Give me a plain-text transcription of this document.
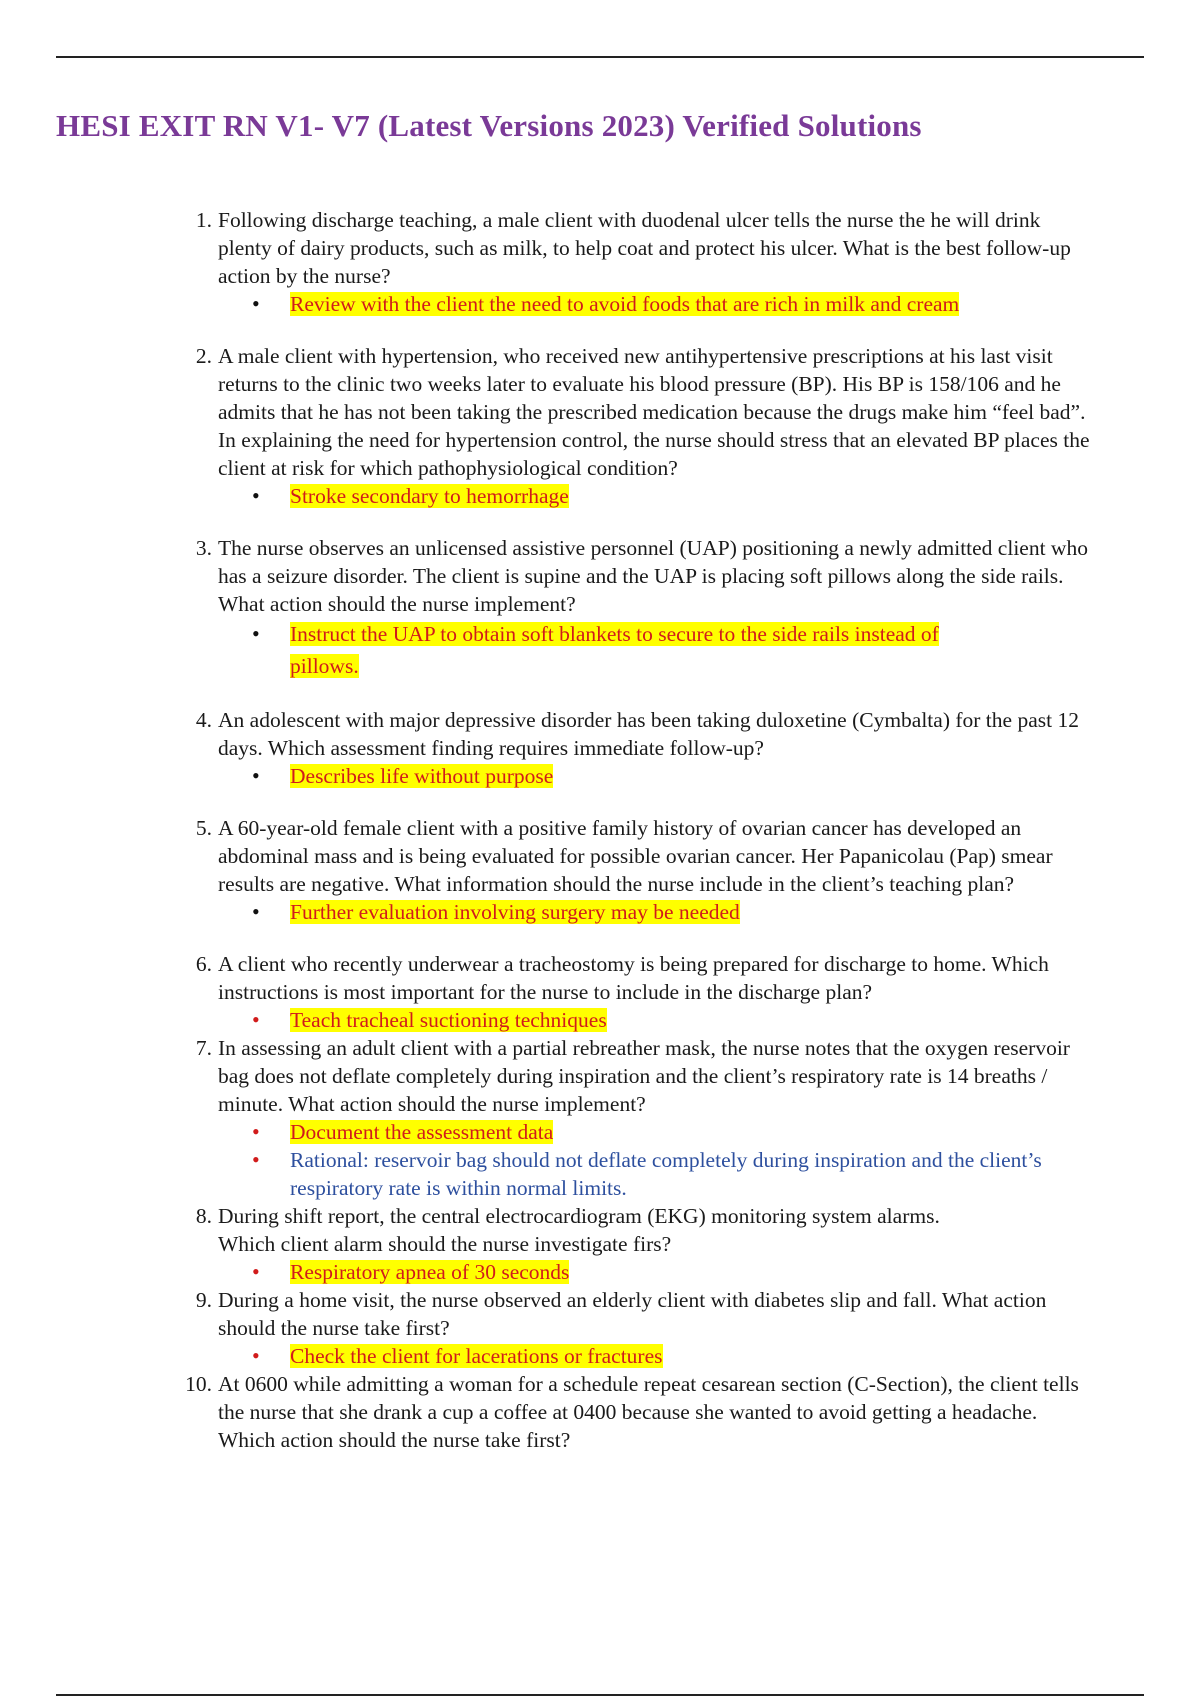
HESI EXIT RN V1- V7 (Latest Versions 2023) Verified Solutions
1. Following discharge teaching, a male client with duodenal ulcer tells the nurse the he will drink plenty of dairy products, such as milk, to help coat and protect his ulcer. What is the best follow-up action by the nurse?
• Review with the client the need to avoid foods that are rich in milk and cream
2. A male client with hypertension, who received new antihypertensive prescriptions at his last visit returns to the clinic two weeks later to evaluate his blood pressure (BP). His BP is 158/106 and he admits that he has not been taking the prescribed medication because the drugs make him “feel bad”. In explaining the need for hypertension control, the nurse should stress that an elevated BP places the client at risk for which pathophysiological condition?
• Stroke secondary to hemorrhage
3. The nurse observes an unlicensed assistive personnel (UAP) positioning a newly admitted client who has a seizure disorder. The client is supine and the UAP is placing soft pillows along the side rails. What action should the nurse implement?
• Instruct the UAP to obtain soft blankets to secure to the side rails instead of pillows.
4. An adolescent with major depressive disorder has been taking duloxetine (Cymbalta) for the past 12 days. Which assessment finding requires immediate follow-up?
• Describes life without purpose
5. A 60-year-old female client with a positive family history of ovarian cancer has developed an abdominal mass and is being evaluated for possible ovarian cancer. Her Papanicolau (Pap) smear results are negative. What information should the nurse include in the client’s teaching plan?
• Further evaluation involving surgery may be needed
6. A client who recently underwear a tracheostomy is being prepared for discharge to home. Which instructions is most important for the nurse to include in the discharge plan?
• Teach tracheal suctioning techniques
7. In assessing an adult client with a partial rebreather mask, the nurse notes that the oxygen reservoir bag does not deflate completely during inspiration and the client’s respiratory rate is 14 breaths / minute. What action should the nurse implement?
• Document the assessment data
• Rational: reservoir bag should not deflate completely during inspiration and the client’s respiratory rate is within normal limits.
8. During shift report, the central electrocardiogram (EKG) monitoring system alarms. Which client alarm should the nurse investigate firs?
• Respiratory apnea of 30 seconds
9. During a home visit, the nurse observed an elderly client with diabetes slip and fall. What action should the nurse take first?
• Check the client for lacerations or fractures
10. At 0600 while admitting a woman for a schedule repeat cesarean section (C-Section), the client tells the nurse that she drank a cup a coffee at 0400 because she wanted to avoid getting a headache. Which action should the nurse take first?
